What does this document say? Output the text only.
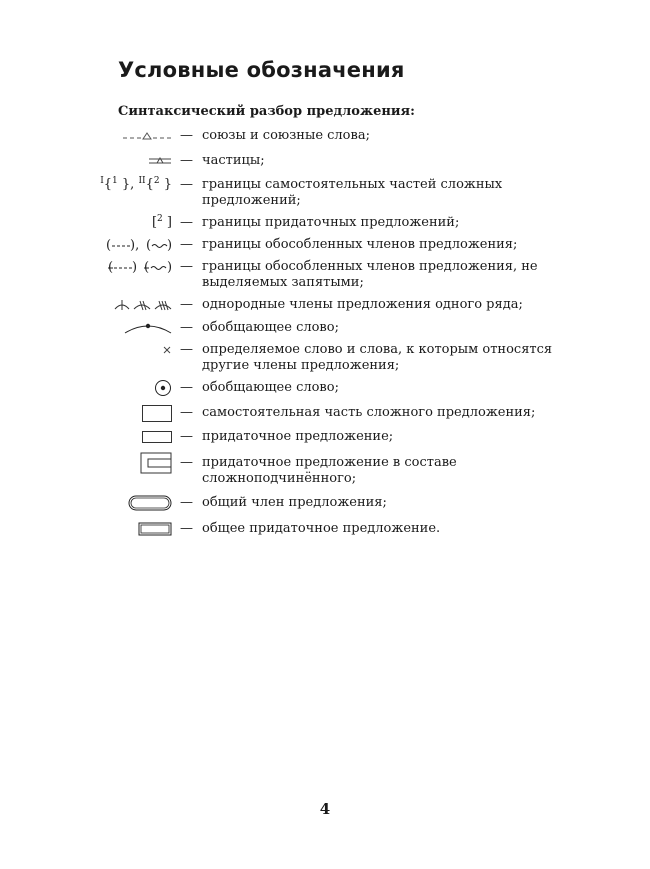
Условные обозначения

Синтаксический разбор предложения:

— союзы и союзные слова;
— частицы;
I { 1 }, II { 2 } — границы самостоятельных частей сложных предложений;
[ 2 ] — границы придаточных предложений;
( ), ( ) — границы обособленных членов предложения;
( ) ( ) — границы обособленных членов предложения, не выделяемых запятыми;
— однородные члены предложения одного ряда;
— обобщающее слово;
— определяемое слово и слова, к которым относятся другие члены предложения;
— обобщающее слово;
— самостоятельная часть сложного предложения;
— придаточное предложение;
— придаточное предложение в составе сложноподчинённого;
— общий член предложения;
— общее придаточное предложение.
4
